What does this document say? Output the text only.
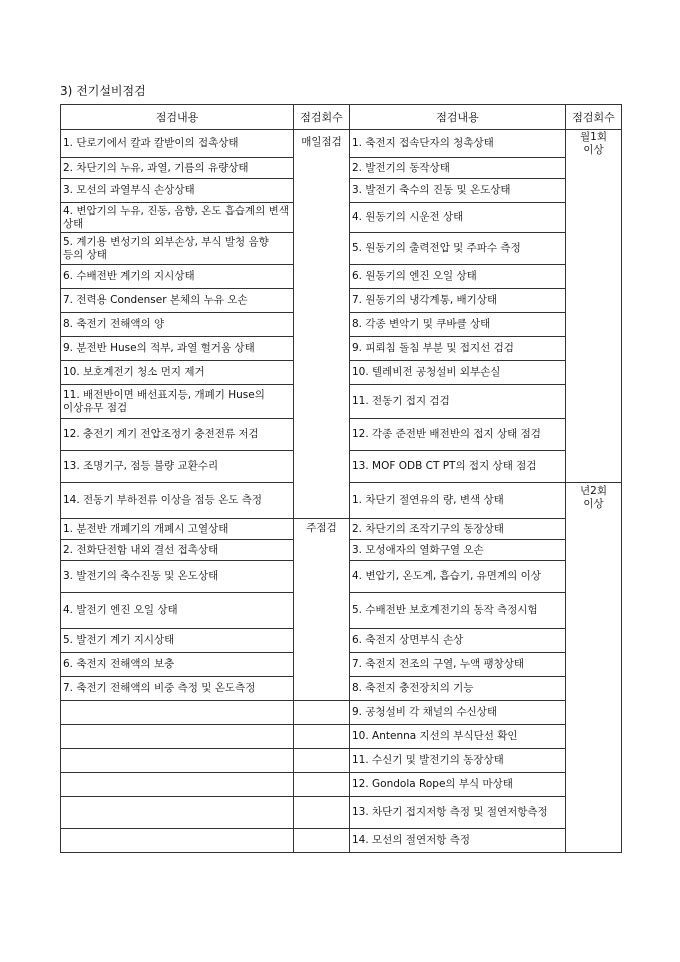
3) 전기설비점검
점검내용	점검회수	점검내용	점검회수
1. 단로기에서 칼과 칼받이의 접촉상태	매일점검	1. 축전지 접속단자의 청촉상태	월1회
이상

2. 차단기의 누유, 과열, 기름의 유량상태		2. 발전기의 동작상태	
3. 모선의 과열부식 손상상태		3. 발전기 축수의 진동 및 온도상태	
4. 변압기의 누유, 진동, 음향, 온도 흡습계의 변색 상태		4. 원동기의 시운전 상태	
5. 계기용 변성기의 외부손상, 부식 발청 음향 등의 상태		5. 원동기의 출력전압 및 주파수 측정	
6. 수배전반 계기의 지시상태		6. 원동기의 엔진 오일 상태	
7. 전력용 Condenser 본체의 누유 오손		7. 원동기의 냉각계통, 배기상태	
8. 축전기 전해액의 양		8. 각종 변악기 및 쿠바클 상태	
9. 분전반 Huse의 적부, 과열 헐거움 상태		9. 피뢰침 돌침 부분 및 접지선 검검	
10. 보호계전기 청소 먼지 제거		10. 텔레비전 공청설비 외부손실	
11. 배전반이면 배선표지등, 개폐기 Huse의 이상유무 점검		11. 전동기 접지 검검	
12. 충전기 계기 전압조정기 충전전류 저검		12. 각종 준전반 배전반의 접지 상태 점검	
13. 조명기구, 점등 불량 교환수리		13. MOF ODB CT PT의 접지 상태 점검	
14. 전동기 부하전류 이상을 점등 온도 측정		1. 차단기 절연유의 량, 변색 상태	년2회
이상

1. 분전반 개폐기의 개폐시 고열상태	주점검	2. 차단기의 조작기구의 동장상태	
2. 전화단전함 내외 결선 접촉상태		3. 모성애자의 열화구열 오손	
3. 발전기의 축수진동 및 온도상태		4. 변압기, 온도계, 흡습기, 유면계의 이상	
4. 발전기 엔진 오일 상태		5. 수배전반 보호계전기의 동작 측정시험	
5. 발전기 계기 지시상태		6. 축전지 상면부식 손상	
6. 축전지 전해액의 보충		7. 축전지 전조의 구열, 누액 팽창상태	
7. 축전기 전해액의 비중 측정 및 온도측정		8. 축전지 충전장치의 기능	
		9. 공청설비 각 채널의 수신상태	
		10. Antenna 지선의 부식단선 확인	
		11. 수신기 및 발전기의 동장상태	
		12. Gondola Rope의 부식 마상태	
		13. 차단기 접지저항 측정 및 절연저항측정	
		14. 모선의 절연저항 측정	
